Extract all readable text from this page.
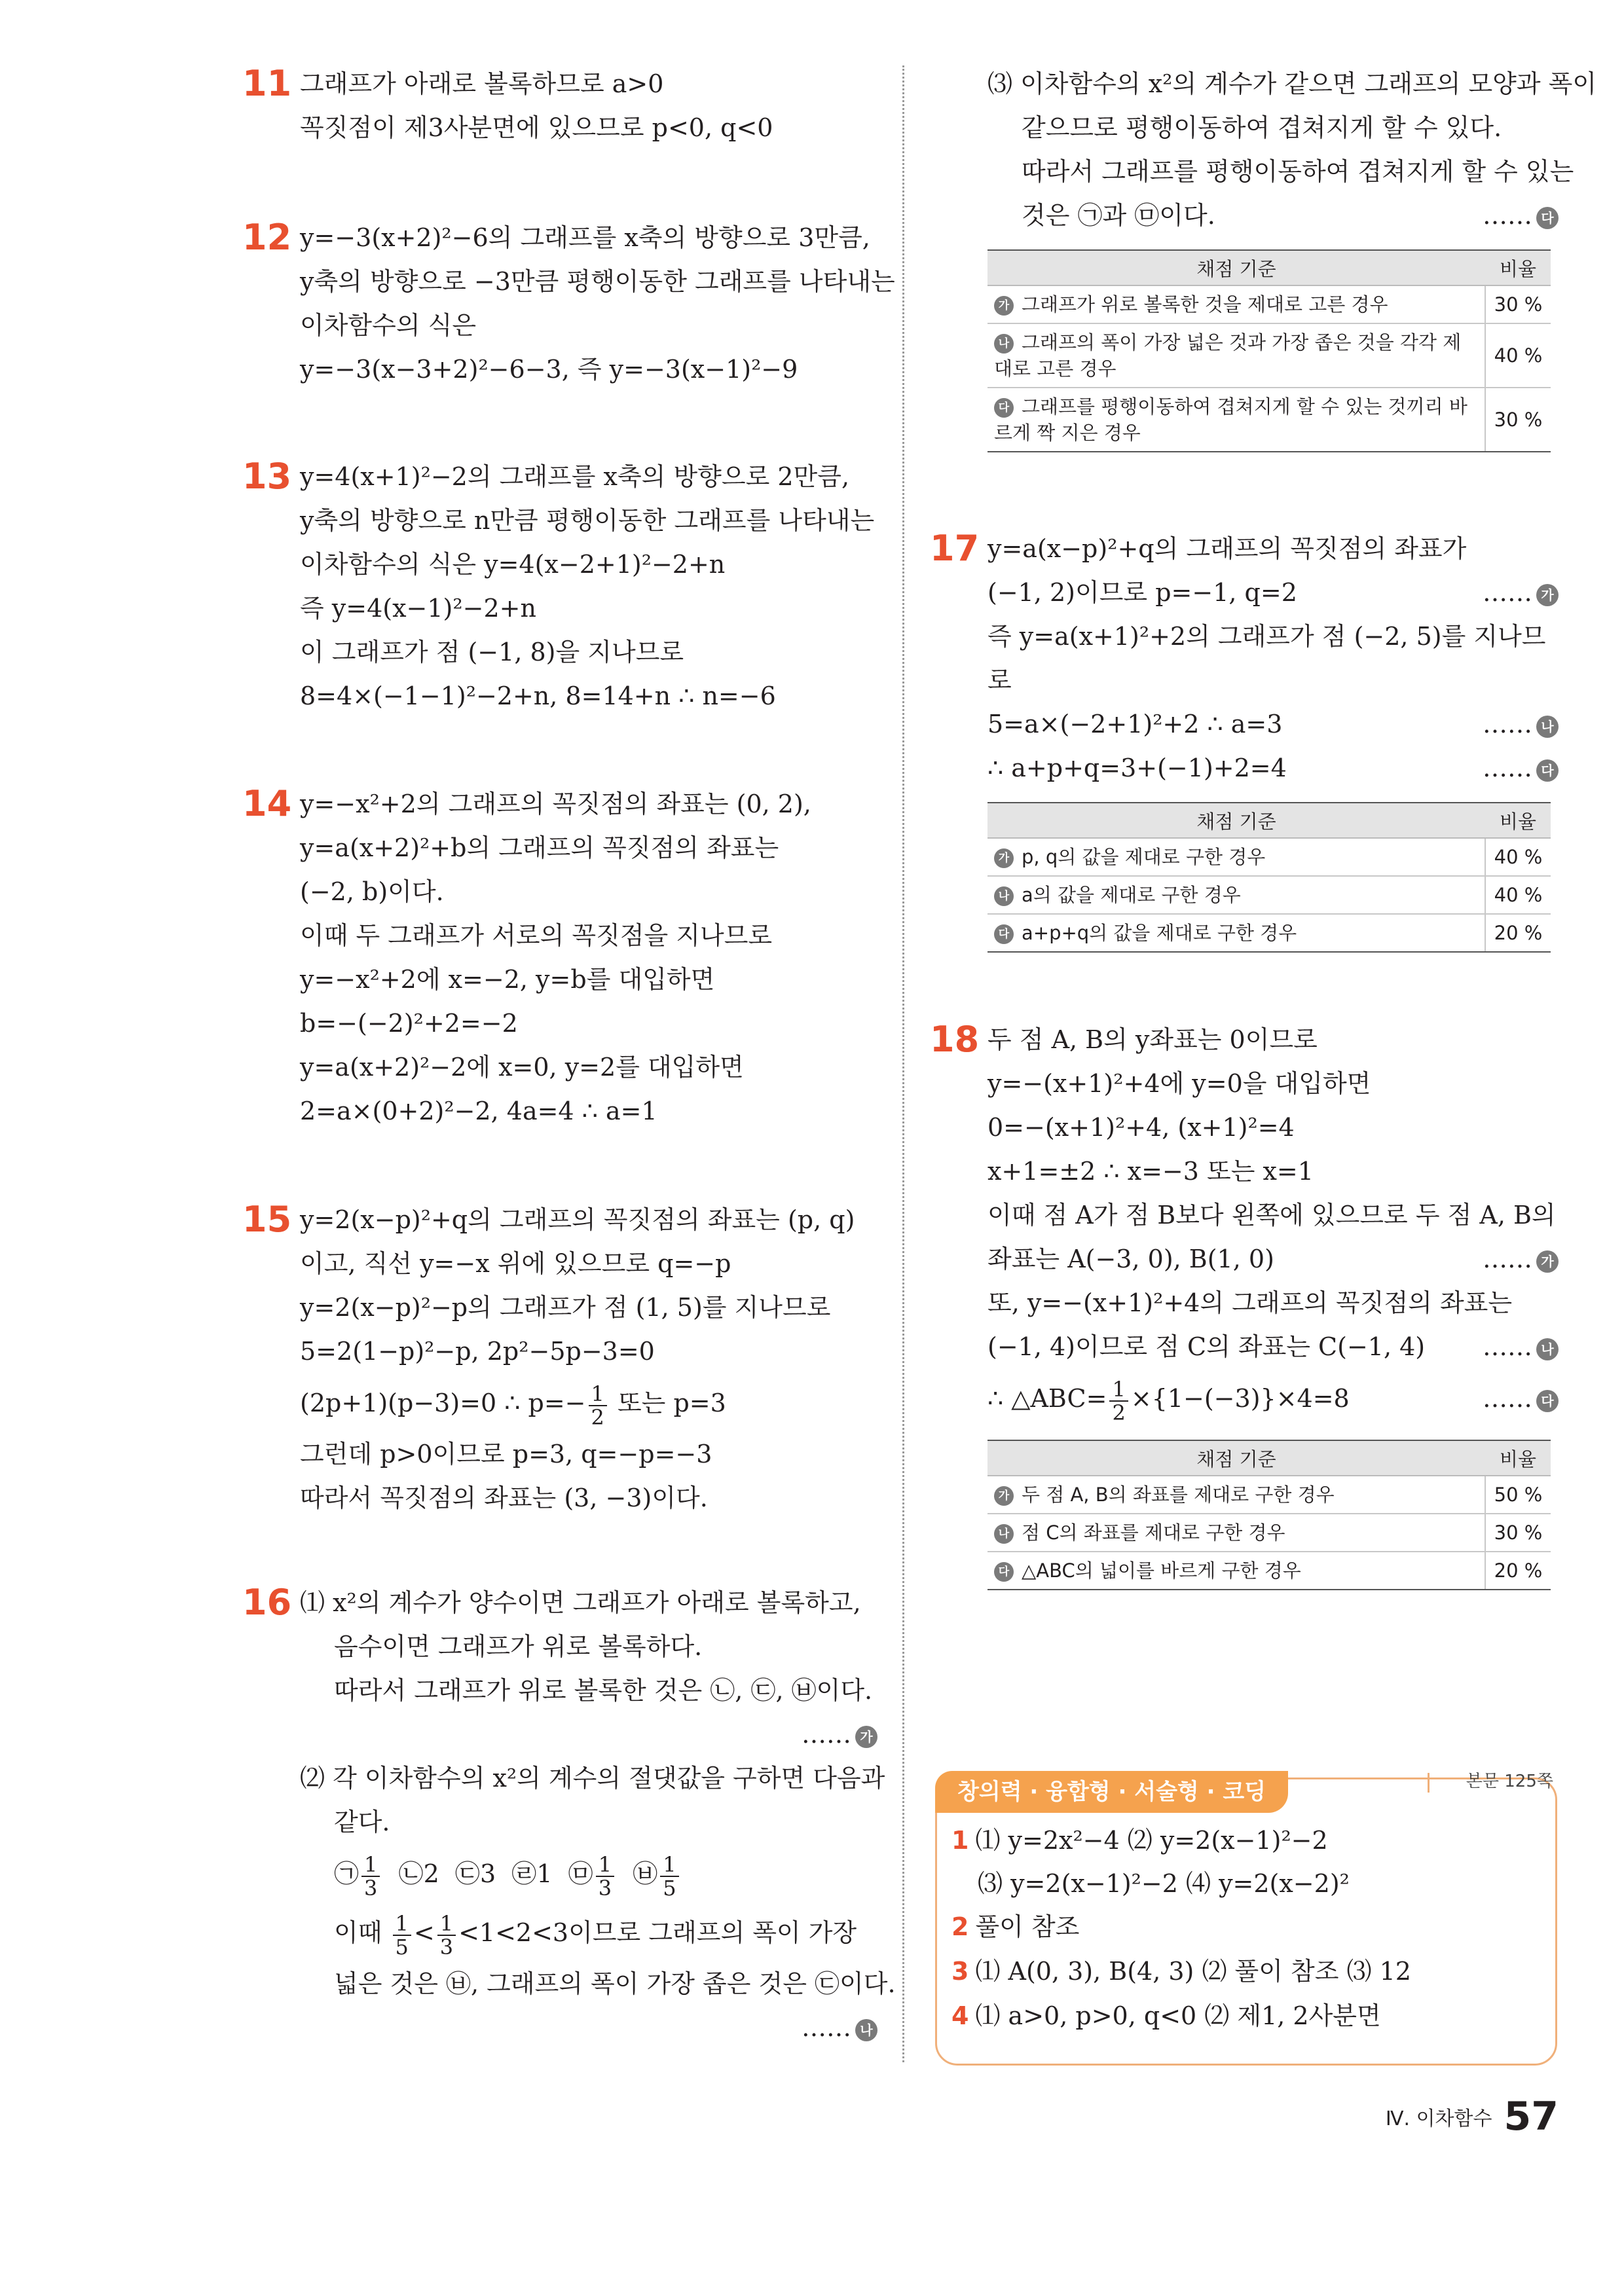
11 그래프가 아래로 볼록하므로 a>0
꼭짓점이 제3사분면에 있으므로 p<0, q<0
12 y=−3(x+2)²−6의 그래프를 x축의 방향으로 3만큼,
y축의 방향으로 −3만큼 평행이동한 그래프를 나타내는
이차함수의 식은
y=−3(x−3+2)²−6−3, 즉 y=−3(x−1)²−9
13 y=4(x+1)²−2의 그래프를 x축의 방향으로 2만큼,
y축의 방향으로 n만큼 평행이동한 그래프를 나타내는
이차함수의 식은 y=4(x−2+1)²−2+n
즉 y=4(x−1)²−2+n
이 그래프가 점 (−1, 8)을 지나므로
8=4×(−1−1)²−2+n, 8=14+n ∴ n=−6
14 y=−x²+2의 그래프의 꼭짓점의 좌표는 (0, 2),
y=a(x+2)²+b의 그래프의 꼭짓점의 좌표는
(−2, b)이다.
이때 두 그래프가 서로의 꼭짓점을 지나므로
y=−x²+2에 x=−2, y=b를 대입하면
b=−(−2)²+2=−2
y=a(x+2)²−2에 x=0, y=2를 대입하면
2=a×(0+2)²−2, 4a=4 ∴ a=1
15 y=2(x−p)²+q의 그래프의 꼭짓점의 좌표는 (p, q)
이고, 직선 y=−x 위에 있으므로 q=−p
y=2(x−p)²−p의 그래프가 점 (1, 5)를 지나므로
5=2(1−p)²−p, 2p²−5p−3=0
(2p+1)(p−3)=0 ∴ $p=- \frac{1}{2}$ 또는 p=3
그런데 p>0이므로 p=3, q=−p=−3
따라서 꼭짓점의 좌표는 (3, −3)이다.
16 ⑴ x²의 계수가 양수이면 그래프가 아래로 볼록하고,
음수이면 그래프가 위로 볼록하다.
따라서 그래프가 위로 볼록한 것은 ㉡, ㉢, ㉥이다.
…… 가
⑵ 각 이차함수의 x²의 계수의 절댓값을 구하면 다음과
같다.
㉠ $\frac{1}{3}$ ㉡2 ㉢3 ㉣1 ㉤ $\frac{1}{3}$ ㉥ $\frac{1}{5}$
이때 $\frac{1}{5} < \frac{1}{3} <1<2<3$이므로 그래프의 폭이 가장
넓은 것은 ㉥, 그래프의 폭이 가장 좁은 것은 ㉢이다.
…… 나
⑶ 이차함수의 x²의 계수가 같으면 그래프의 모양과 폭이
같으므로 평행이동하여 겹쳐지게 할 수 있다.
따라서 그래프를 평행이동하여 겹쳐지게 할 수 있는
것은 ㉠과 ㉤이다.	…… 다
채점 기준	비율
가 그래프가 위로 볼록한 것을 제대로 고른 경우	30 %
나 그래프의 폭이 가장 넓은 것과 가장 좁은 것을 각각 제대로 고른 경우	40 %
다 그래프를 평행이동하여 겹쳐지게 할 수 있는 것끼리 바르게 짝 지은 경우	30 %
17 y=a(x−p)²+q의 그래프의 꼭짓점의 좌표가
(−1, 2)이므로 p=−1, q=2	…… 가
즉 y=a(x+1)²+2의 그래프가 점 (−2, 5)를 지나므
로
5=a×(−2+1)²+2 ∴ a=3	…… 나
∴ a+p+q=3+(−1)+2=4	…… 다
채점 기준	비율
가 p, q의 값을 제대로 구한 경우	40 %
나 a의 값을 제대로 구한 경우	40 %
다 a+p+q의 값을 제대로 구한 경우	20 %
18 두 점 A, B의 y좌표는 0이므로
y=−(x+1)²+4에 y=0을 대입하면
0=−(x+1)²+4, (x+1)²=4
x+1=±2 ∴ x=−3 또는 x=1
이때 점 A가 점 B보다 왼쪽에 있으므로 두 점 A, B의
좌표는 A(−3, 0), B(1, 0)	…… 가
또, y=−(x+1)²+4의 그래프의 꼭짓점의 좌표는
(−1, 4)이므로 점 C의 좌표는 C(−1, 4) …… 나
∴ △ABC= $\frac{1}{2} \times\{1-(-3)\}\times 4=8$	…… 다
채점 기준	비율
가 두 점 A, B의 좌표를 제대로 구한 경우	50 %
나 점 C의 좌표를 제대로 구한 경우	30 %
다 △ABC의 넓이를 바르게 구한 경우	20 %
1 ⑴ y=2x²−4 ⑵ y=2(x−1)²−2
⑶ y=2(x−1)²−2 ⑷ y=2(x−2)²
2 풀이 참조
3 ⑴ A(0, 3), B(4, 3) ⑵ 풀이 참조 ⑶ 12
4 ⑴ a>0, p>0, q<0 ⑵ 제1, 2사분면
창의력 · 융합형 · 서술형 · 코딩	본문 125쪽
Ⅳ. 이차함수 57
